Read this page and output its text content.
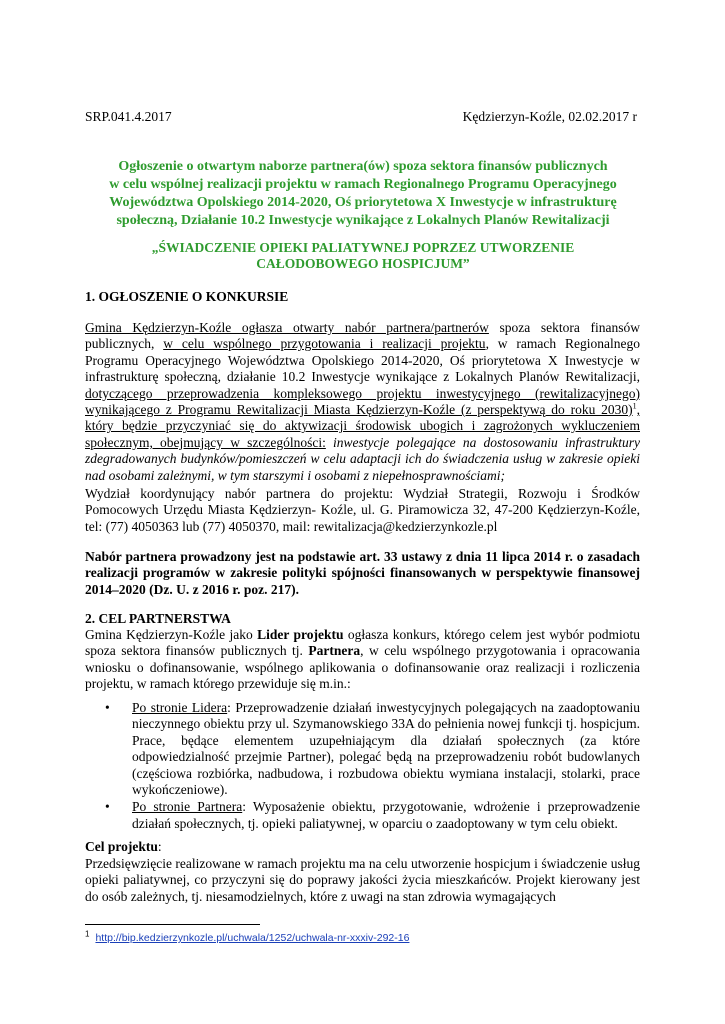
SRP.041.4.2017	Kędzierzyn-Koźle, 02.02.2017 r
Ogłoszenie o otwartym naborze partnera(ów) spoza sektora finansów publicznych
w celu wspólnej realizacji projektu w ramach Regionalnego Programu Operacyjnego
Województwa Opolskiego 2014-2020, Oś priorytetowa X Inwestycje w infrastrukturę
społeczną, Działanie 10.2 Inwestycje wynikające z Lokalnych Planów Rewitalizacji
„ŚWIADCZENIE OPIEKI PALIATYWNEJ POPRZEZ UTWORZENIE
CAŁODOBOWEGO HOSPICJUM”
1. OGŁOSZENIE O KONKURSIE
Gmina Kędzierzyn-Koźle ogłasza otwarty nabór partnera/partnerów spoza sektora finansów publicznych, w celu wspólnego przygotowania i realizacji projektu, w ramach Regionalnego Programu Operacyjnego Województwa Opolskiego 2014-2020, Oś priorytetowa X Inwestycje w infrastrukturę społeczną, działanie 10.2 Inwestycje wynikające z Lokalnych Planów Rewitalizacji, dotyczącego przeprowadzenia kompleksowego projektu inwestycyjnego (rewitalizacyjnego) wynikającego z Programu Rewitalizacji Miasta Kędzierzyn-Koźle (z perspektywą do roku 2030)$^1$, który będzie przyczyniać się do aktywizacji środowisk ubogich i zagrożonych wykluczeniem społecznym, obejmujący w szczególności: inwestycje polegające na dostosowaniu infrastruktury zdegradowanych budynków/pomieszczeń w celu adaptacji ich do świadczenia usług w zakresie opieki nad osobami zależnymi, w tym starszymi i osobami z niepełnosprawnościami;
Wydział koordynujący nabór partnera do projektu: Wydział Strategii, Rozwoju i Środków Pomocowych Urzędu Miasta Kędzierzyn- Koźle, ul. G. Piramowicza 32, 47-200 Kędzierzyn-Koźle, tel: (77) 4050363 lub (77) 4050370, mail: rewitalizacja@kedzierzynkozle.pl
Nabór partnera prowadzony jest na podstawie art. 33 ustawy z dnia 11 lipca 2014 r. o zasadach realizacji programów w zakresie polityki spójności finansowanych w perspektywie finansowej 2014–2020 (Dz. U. z 2016 r. poz. 217).
2. CEL PARTNERSTWA
Gmina Kędzierzyn-Koźle jako Lider projektu ogłasza konkurs, którego celem jest wybór podmiotu spoza sektora finansów publicznych tj. Partnera, w celu wspólnego przygotowania i opracowania wniosku o dofinansowanie, wspólnego aplikowania o dofinansowanie oraz realizacji i rozliczenia projektu, w ramach którego przewiduje się m.in.:
• Po stronie Lidera: Przeprowadzenie działań inwestycyjnych polegających na zaadoptowaniu nieczynnego obiektu przy ul. Szymanowskiego 33A do pełnienia nowej funkcji tj. hospicjum. Prace, będące elementem uzupełniającym dla działań społecznych (za które odpowiedzialność przejmie Partner), polegać będą na przeprowadzeniu robót budowlanych (częściowa rozbiórka, nadbudowa, i rozbudowa obiektu wymiana instalacji, stolarki, prace wykończeniowe).
• Po stronie Partnera: Wyposażenie obiektu, przygotowanie, wdrożenie i przeprowadzenie działań społecznych, tj. opieki paliatywnej, w oparciu o zaadoptowany w tym celu obiekt.
Cel projektu:
Przedsięwzięcie realizowane w ramach projektu ma na celu utworzenie hospicjum i świadczenie usług opieki paliatywnej, co przyczyni się do poprawy jakości życia mieszkańców. Projekt kierowany jest do osób zależnych, tj. niesamodzielnych, które z uwagi na stan zdrowia wymagających
$^1$ http://bip.kedzierzynkozle.pl/uchwala/1252/uchwala-nr-xxxiv-292-16
